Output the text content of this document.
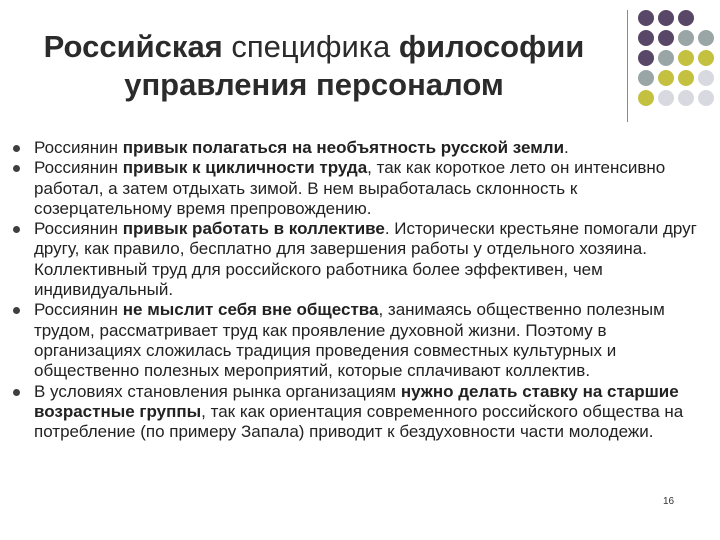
Российская специфика философии управления персоналом
Россиянин привык полагаться на необъятность русской земли.
Россиянин привык к цикличности труда, так как короткое лето он интенсивно работал, а затем отдыхать зимой. В нем выработалась склонность к созерцательному время препровождению.
Россиянин привык работать в коллективе. Исторически крестьяне помогали друг другу, как правило, бесплатно для завершения работы у отдельного хозяина. Коллективный труд для российского работника более эффективен, чем индивидуальный.
Россиянин не мыслит себя вне общества, занимаясь общественно полезным трудом, рассматривает труд как проявление духовной жизни. Поэтому в организациях сложилась традиция проведения совместных культурных и общественно полезных мероприятий, которые сплачивают коллектив.
В условиях становления рынка организациям нужно делать ставку на старшие возрастные группы, так как ориентация современного российского общества на потребление (по примеру Запала) приводит к бездуховности части молодежи.
16
